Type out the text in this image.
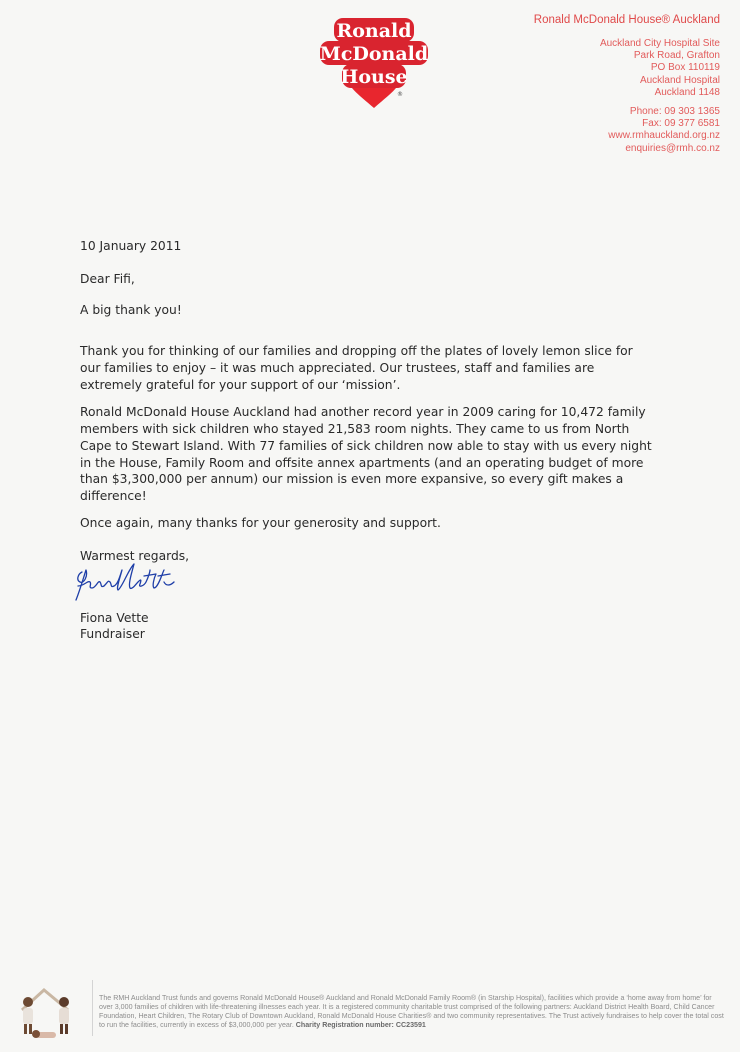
Ronald
McDonald
House
®
Ronald McDonald House® Auckland
Auckland City Hospital Site
Park Road, Grafton
PO Box 110119
Auckland Hospital
Auckland 1148
Phone: 09 303 1365
Fax: 09 377 6581
www.rmhauckland.org.nz
enquiries@rmh.co.nz
10 January 2011
Dear Fifi,
A big thank you!

Thank you for thinking of our families and dropping off the plates of lovely lemon slice for our families to enjoy – it was much appreciated. Our trustees, staff and families are extremely grateful for your support of our ‘mission’.

Ronald McDonald House Auckland had another record year in 2009 caring for 10,472 family members with sick children who stayed 21,583 room nights. They came to us from North Cape to Stewart Island. With 77 families of sick children now able to stay with us every night in the House, Family Room and offsite annex apartments (and an operating budget of more than $3,300,000 per annum) our mission is even more expansive, so every gift makes a difference!

Once again, many thanks for your generosity and support.

Warmest regards,
Fiona Vette
Fundraiser
The RMH Auckland Trust funds and governs Ronald McDonald House® Auckland and Ronald McDonald Family Room® (in Starship Hospital), facilities which provide a ‘home away from home’ for over 3,000 families of children with life-threatening illnesses each year. It is a registered community charitable trust comprised of the following partners: Auckland District Health Board, Child Cancer Foundation, Heart Children, The Rotary Club of Downtown Auckland, Ronald McDonald House Charities® and two community representatives. The Trust actively fundraises to help cover the total cost to run the facilities, currently in excess of $3,000,000 per year. Charity Registration number: CC23591
